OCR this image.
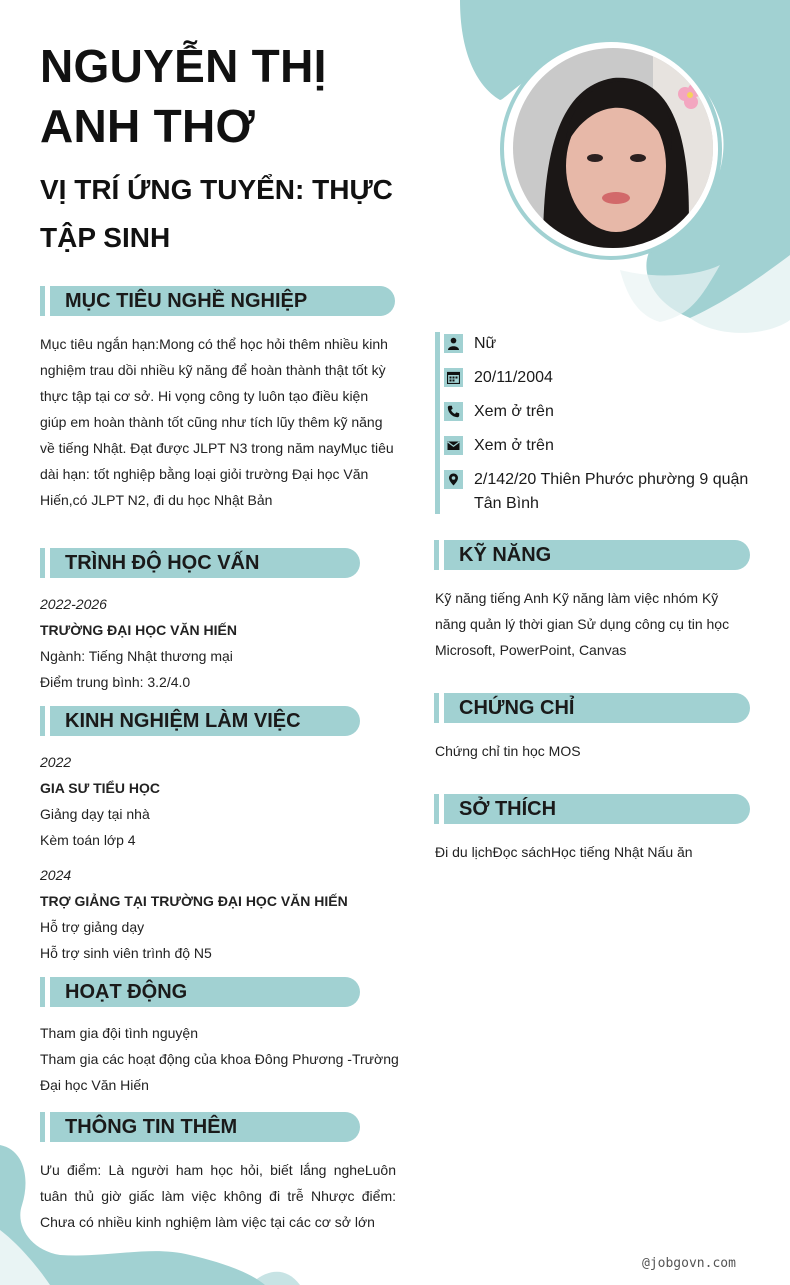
NGUYỄN THỊ ANH THƠ
VỊ TRÍ ỨNG TUYỂN: THỰC TẬP SINH
MỤC TIÊU NGHỀ NGHIỆP
Mục tiêu ngắn hạn:Mong có thể học hỏi thêm nhiều kinh nghiệm trau dồi nhiều kỹ năng để hoàn thành thật tốt kỳ thực tập tại cơ sở. Hi vọng công ty luôn tạo điều kiện giúp em hoàn thành tốt cũng như tích lũy thêm kỹ năng về tiếng Nhật. Đạt được JLPT N3 trong năm nayMục tiêu dài hạn: tốt nghiệp bằng loại giỏi trường Đại học Văn Hiến,có JLPT N2, đi du học Nhật Bản
TRÌNH ĐỘ HỌC VẤN
2022-2026
TRƯỜNG ĐẠI HỌC VĂN HIẾN
Ngành: Tiếng Nhật thương mại
Điểm trung bình: 3.2/4.0
KINH NGHIỆM LÀM VIỆC
2022
GIA SƯ TIỂU HỌC
Giảng dạy tại nhà
Kèm toán lớp 4
2024
TRỢ GIẢNG TẠI TRƯỜNG ĐẠI HỌC VĂN HIẾN
Hỗ trợ giảng dạy
Hỗ trợ sinh viên trình độ N5
HOẠT ĐỘNG
Tham gia đội tình nguyện
Tham gia các hoạt động của khoa Đông Phương -Trường Đại học Văn Hiến
THÔNG TIN THÊM
Ưu điểm: Là người ham học hỏi, biết lắng ngheLuôn tuân thủ giờ giấc làm việc không đi trễ Nhược điểm: Chưa có nhiều kinh nghiệm làm việc tại các cơ sở lớn
Nữ
20/11/2004
Xem ở trên
Xem ở trên
2/142/20 Thiên Phước phường 9 quận Tân Bình
KỸ NĂNG
Kỹ năng tiếng Anh Kỹ năng làm việc nhóm Kỹ năng quản lý thời gian Sử dụng công cụ tin học Microsoft, PowerPoint, Canvas
CHỨNG CHỈ
Chứng chỉ tin học MOS
SỞ THÍCH
Đi du lịchĐọc sáchHọc tiếng Nhật Nấu ăn
@jobgovn.com
